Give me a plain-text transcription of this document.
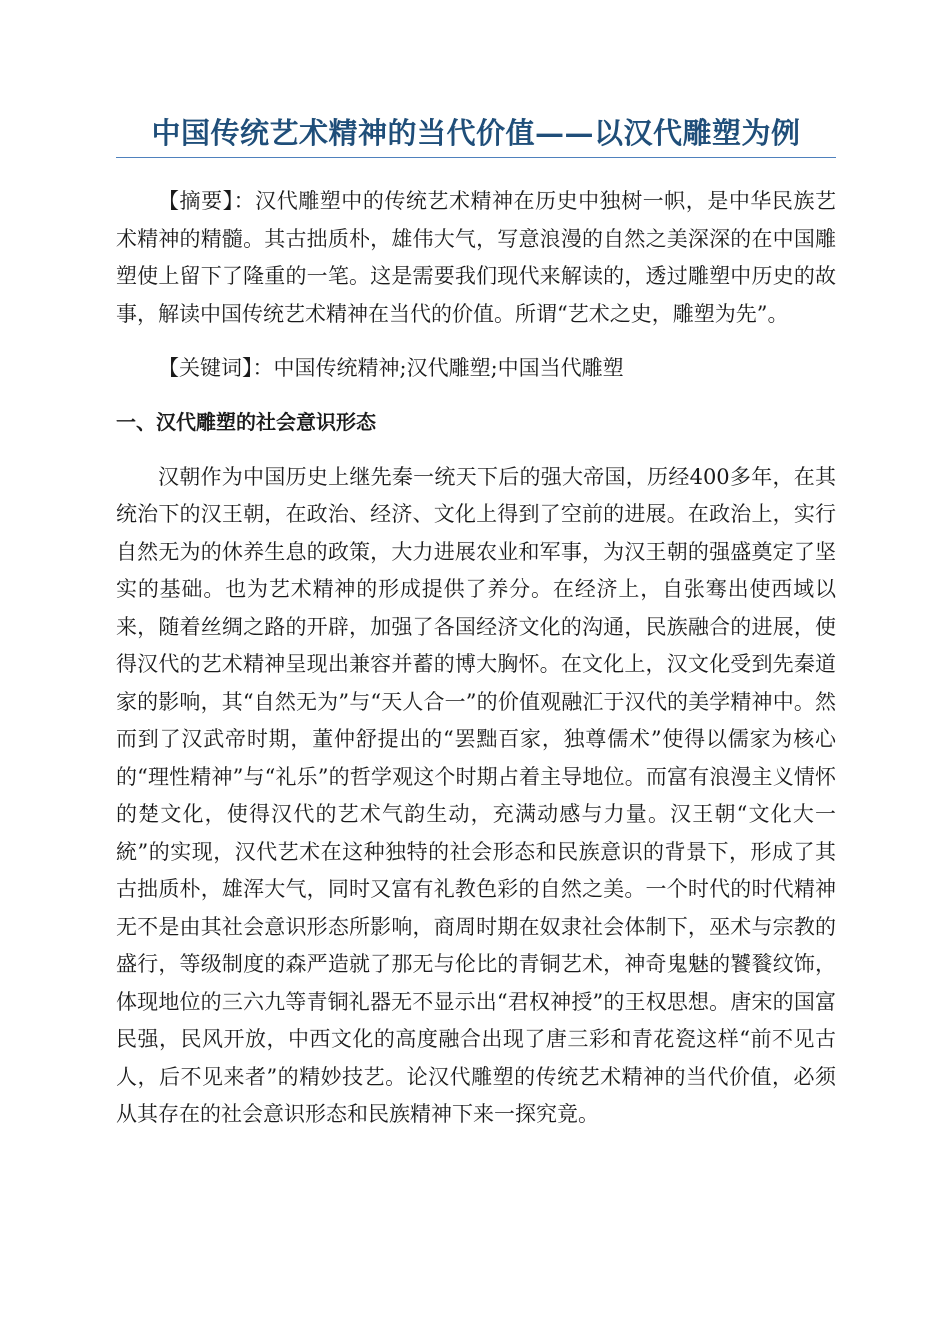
中国传统艺术精神的当代价值——以汉代雕塑为例

【摘要】：汉代雕塑中的传统艺术精神在历史中独树一帜，是中华民族艺术精神的精髓。其古拙质朴，雄伟大气，写意浪漫的自然之美深深的在中国雕塑使上留下了隆重的一笔。这是需要我们现代来解读的，透过雕塑中历史的故事，解读中国传统艺术精神在当代的价值。所谓“艺术之史，雕塑为先”。

【关键词】：中国传统精神;汉代雕塑;中国当代雕塑

一、汉代雕塑的社会意识形态

汉朝作为中国历史上继先秦一统天下后的强大帝国，历经400多年，在其统治下的汉王朝，在政治、经济、文化上得到了空前的进展。在政治上，实行自然无为的休养生息的政策，大力进展农业和军事，为汉王朝的强盛奠定了坚实的基础。也为艺术精神的形成提供了养分。在经济上，自张骞出使西域以来，随着丝绸之路的开辟，加强了各国经济文化的沟通，民族融合的进展，使得汉代的艺术精神呈现出兼容并蓄的博大胸怀。在文化上，汉文化受到先秦道家的影响，其“自然无为”与“天人合一”的价值观融汇于汉代的美学精神中。然而到了汉武帝时期，董仲舒提出的“罢黜百家，独尊儒术”使得以儒家为核心的“理性精神”与“礼乐”的哲学观这个时期占着主导地位。而富有浪漫主义情怀的楚文化，使得汉代的艺术气韵生动，充满动感与力量。汉王朝“文化大一統”的实现，汉代艺术在这种独特的社会形态和民族意识的背景下，形成了其古拙质朴，雄浑大气，同时又富有礼教色彩的自然之美。一个时代的时代精神无不是由其社会意识形态所影响，商周时期在奴隶社会体制下，巫术与宗教的盛行，等级制度的森严造就了那无与伦比的青铜艺术，神奇鬼魅的饕餮纹饰，体现地位的三六九等青铜礼器无不显示出“君权神授”的王权思想。唐宋的国富民强，民风开放，中西文化的高度融合出现了唐三彩和青花瓷这样“前不见古人，后不见来者”的精妙技艺。论汉代雕塑的传统艺术精神的当代价值，必须从其存在的社会意识形态和民族精神下来一探究竟。
